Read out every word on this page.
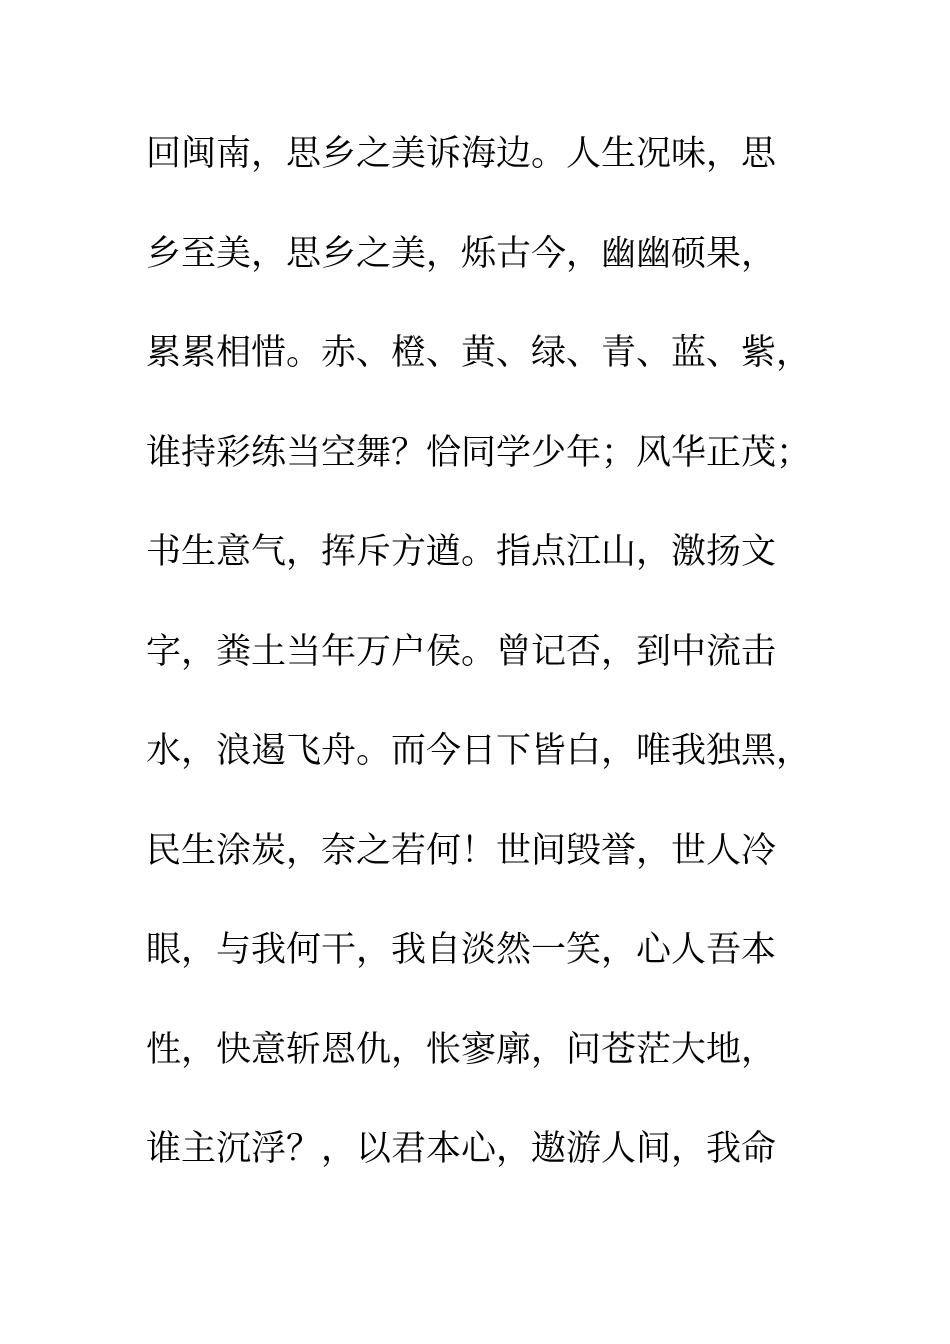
回闽南，思乡之美诉海边。人生况味，思
乡至美，思乡之美，烁古今，幽幽硕果，
累累相惜。赤、橙、黄、绿、青、蓝、紫，
谁持彩练当空舞？恰同学少年；风华正茂；
书生意气，挥斥方遒。指点江山，激扬文
字，粪土当年万户侯。曾记否，到中流击
水，浪遏飞舟。而今日下皆白，唯我独黑，
民生涂炭，奈之若何！世间毁誉，世人冷
眼，与我何干，我自淡然一笑，心人吾本
性，快意斩恩仇，怅寥廓，问苍茫大地，
谁主沉浮？，以君本心，遨游人间，我命
